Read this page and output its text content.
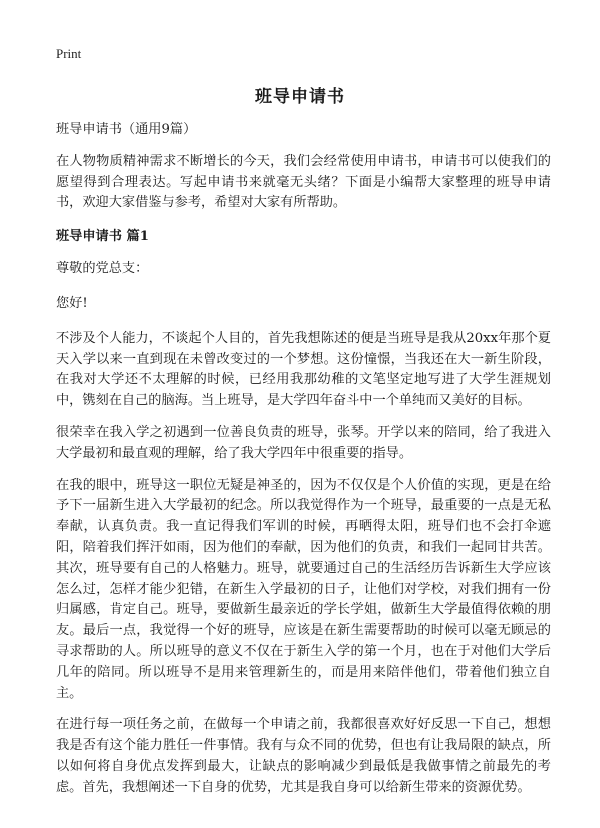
Print
班导申请书

班导申请书（通用9篇）

在人物物质精神需求不断增长的今天，我们会经常使用申请书，申请书可以使我们的愿望得到合理表达。写起申请书来就毫无头绪？下面是小编帮大家整理的班导申请书，欢迎大家借鉴与参考，希望对大家有所帮助。

班导申请书 篇1

尊敬的党总支：

您好!

不涉及个人能力，不谈起个人目的，首先我想陈述的便是当班导是我从20xx年那个夏天入学以来一直到现在未曾改变过的一个梦想。这份憧憬，当我还在大一新生阶段，在我对大学还不太理解的时候，已经用我那幼稚的文笔坚定地写进了大学生涯规划中，镌刻在自己的脑海。当上班导，是大学四年奋斗中一个单纯而又美好的目标。

很荣幸在我入学之初遇到一位善良负责的班导，张琴。开学以来的陪同，给了我进入大学最初和最直观的理解，给了我大学四年中很重要的指导。

在我的眼中，班导这一职位无疑是神圣的，因为不仅仅是个人价值的实现，更是在给予下一届新生进入大学最初的纪念。所以我觉得作为一个班导，最重要的一点是无私奉献，认真负责。我一直记得我们军训的时候，再晒得太阳，班导们也不会打伞遮阳，陪着我们挥汗如雨，因为他们的奉献，因为他们的负责，和我们一起同甘共苦。其次，班导要有自己的人格魅力。班导，就要通过自己的生活经历告诉新生大学应该怎么过，怎样才能少犯错，在新生入学最初的日子，让他们对学校，对我们拥有一份归属感，肯定自己。班导，要做新生最亲近的学长学姐，做新生大学最值得依赖的朋友。最后一点，我觉得一个好的班导，应该是在新生需要帮助的时候可以毫无顾忌的寻求帮助的人。所以班导的意义不仅在于新生入学的第一个月，也在于对他们大学后几年的陪同。所以班导不是用来管理新生的，而是用来陪伴他们，带着他们独立自主。

在进行每一项任务之前，在做每一个申请之前，我都很喜欢好好反思一下自己，想想我是否有这个能力胜任一件事情。我有与众不同的优势，但也有让我局限的缺点，所以如何将自身优点发挥到最大，让缺点的影响减少到最低是我做事情之前最先的考虑。首先，我想阐述一下自身的优势，尤其是我自身可以给新生带来的资源优势。
